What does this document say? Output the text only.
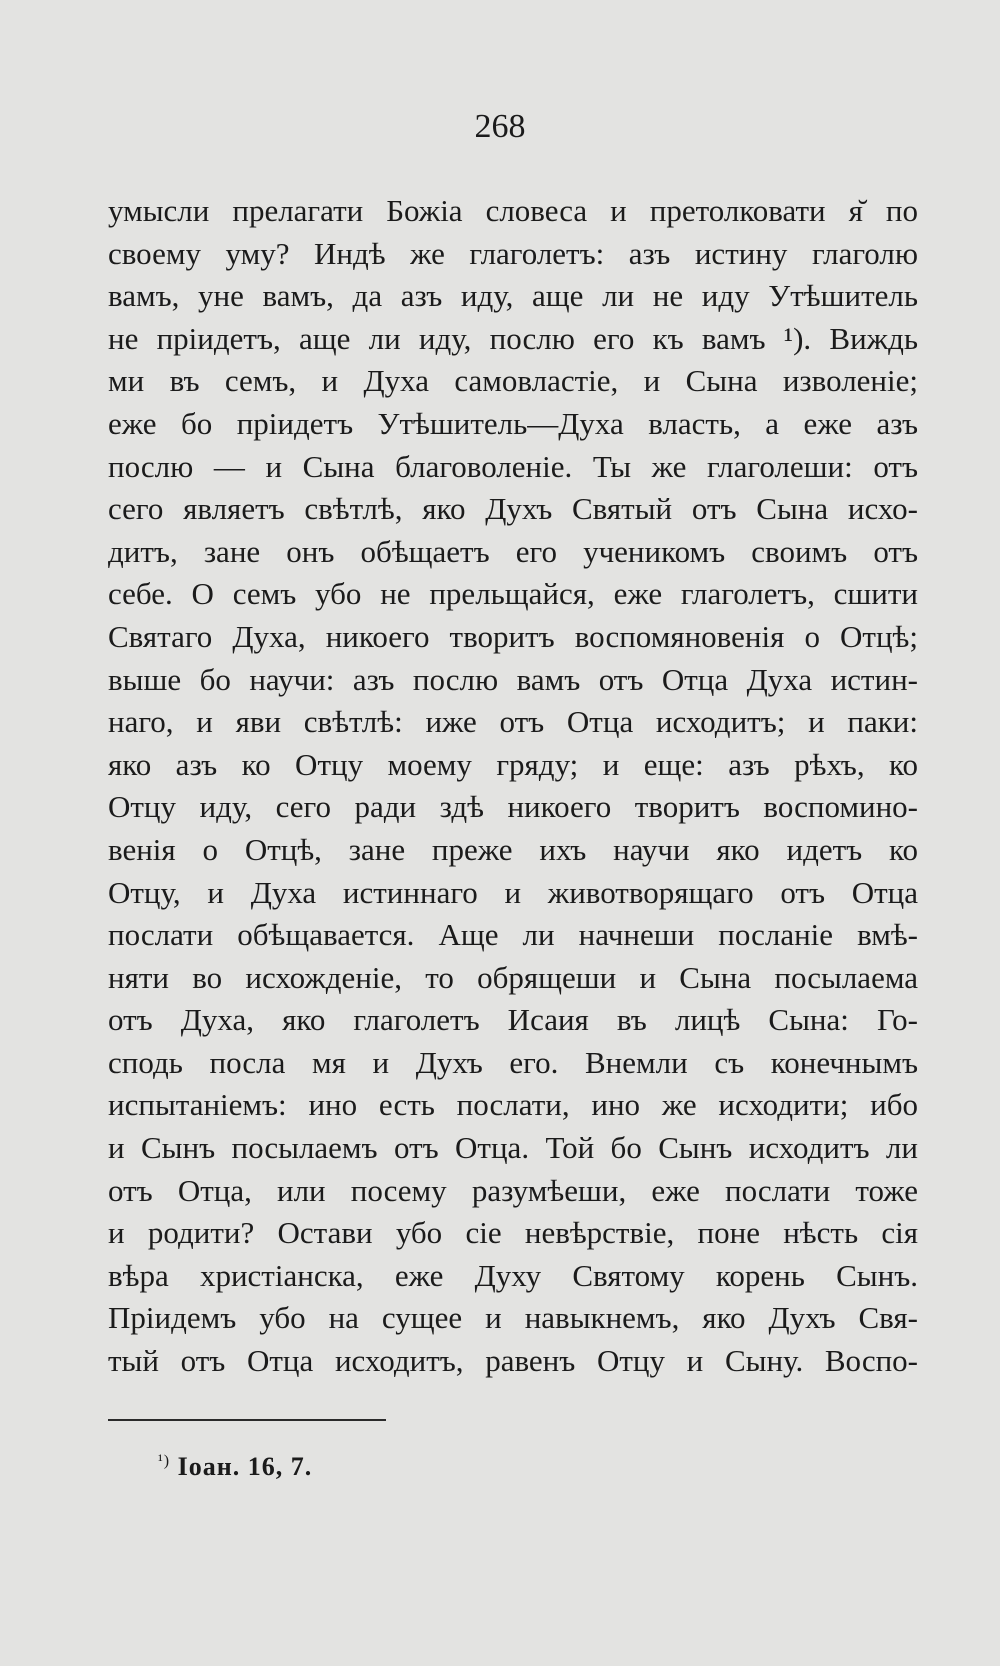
268
умысли прелагати Божіа словеса и претолковати я̆ по
своему уму? Индѣ же глаголетъ: азъ истину глаголю
вамъ, уне вамъ, да азъ иду, аще ли не иду Утѣшитель
не пріидетъ, аще ли иду, послю его къ вамъ ¹). Виждь
ми въ семъ, и Духа самовластіе, и Сына изволеніе;
еже бо пріидетъ Утѣшитель—Духа власть, а еже азъ
послю — и Сына благоволеніе. Ты же глаголеши: отъ
сего являетъ свѣтлѣ, яко Духъ Святый отъ Сына исхо-
дитъ, зане онъ обѣщаетъ его ученикомъ своимъ отъ
себе. О семъ убо не прельщайся, еже глаголетъ, сшити
Святаго Духа, никоего творитъ воспомяновенія о Отцѣ;
выше бо научи: азъ послю вамъ отъ Отца Духа истин-
наго, и яви свѣтлѣ: иже отъ Отца исходитъ; и паки:
яко азъ ко Отцу моему гряду; и еще: азъ рѣхъ, ко
Отцу иду, сего ради здѣ никоего творитъ воспомино-
венія о Отцѣ, зане преже ихъ научи яко идетъ ко
Отцу, и Духа истиннаго и животворящаго отъ Отца
послати обѣщавается. Аще ли начнеши посланіе вмѣ-
няти во исхожденіе, то обрящеши и Сына посылаема
отъ Духа, яко глаголетъ Исаия въ лицѣ Сына: Го-
сподь посла мя и Духъ его. Внемли съ конечнымъ
испытаніемъ: ино есть послати, ино же исходити; ибо
и Сынъ посылаемъ отъ Отца. Той бо Сынъ исходитъ ли
отъ Отца, или посему разумѣеши, еже послати тоже
и родити? Остави убо сіе невѣрствіе, поне нѣсть сія
вѣра христіанска, еже Духу Святому корень Сынъ.
Пріидемъ убо на сущее и навыкнемъ, яко Духъ Свя-
тый отъ Отца исходитъ, равенъ Отцу и Сыну. Воспо-
$^{^1)}$ Іоан. 16, 7.
